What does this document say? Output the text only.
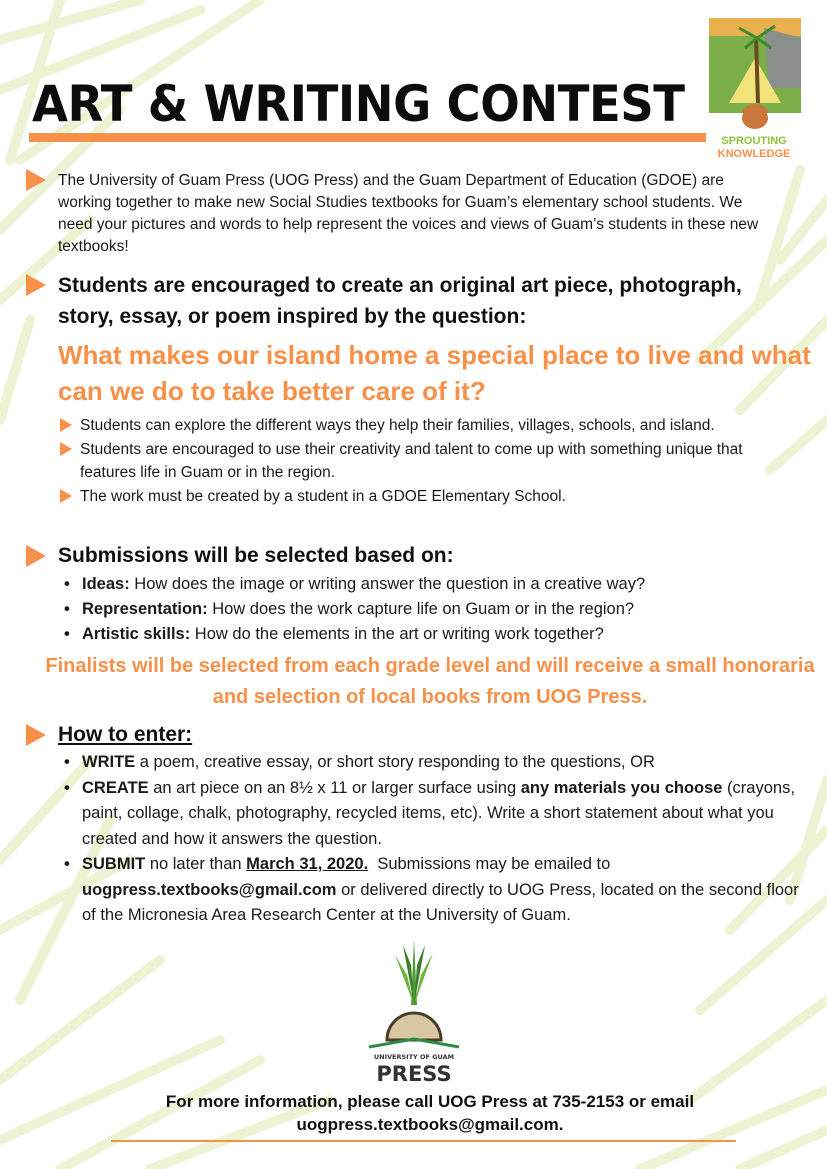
ART & WRITING CONTEST
SPROUTING
KNOWLEDGE

The University of Guam Press (UOG Press) and the Guam Department of Education (GDOE) are working together to make new Social Studies textbooks for Guam’s elementary school students. We need your pictures and words to help represent the voices and views of Guam’s students in these new textbooks!

Students are encouraged to create an original art piece, photograph, story, essay, or poem inspired by the question:

What makes our island home a special place to live and what can we do to take better care of it?

Students can explore the different ways they help their families, villages, schools, and island.
Students are encouraged to use their creativity and talent to come up with something unique that features life in Guam or in the region.
The work must be created by a student in a GDOE Elementary School.
Submissions will be selected based on:
• Ideas: How does the image or writing answer the question in a creative way?
• Representation: How does the work capture life on Guam or in the region?
• Artistic skills: How do the elements in the art or writing work together?

Finalists will be selected from each grade level and will receive a small honoraria and selection of local books from UOG Press.

How to enter:
• WRITE a poem, creative essay, or short story responding to the questions, OR
• CREATE an art piece on an 8½ x 11 or larger surface using any materials you choose (crayons, paint, collage, chalk, photography, recycled items, etc). Write a short statement about what you created and how it answers the question.
• SUBMIT no later than March 31, 2020.  Submissions may be emailed to uogpress.textbooks@gmail.com or delivered directly to UOG Press, located on the second floor of the Micronesia Area Research Center at the University of Guam.
UNIVERSITY OF GUAM
PRESS
For more information, please call UOG Press at 735-2153 or email
uogpress.textbooks@gmail.com.
